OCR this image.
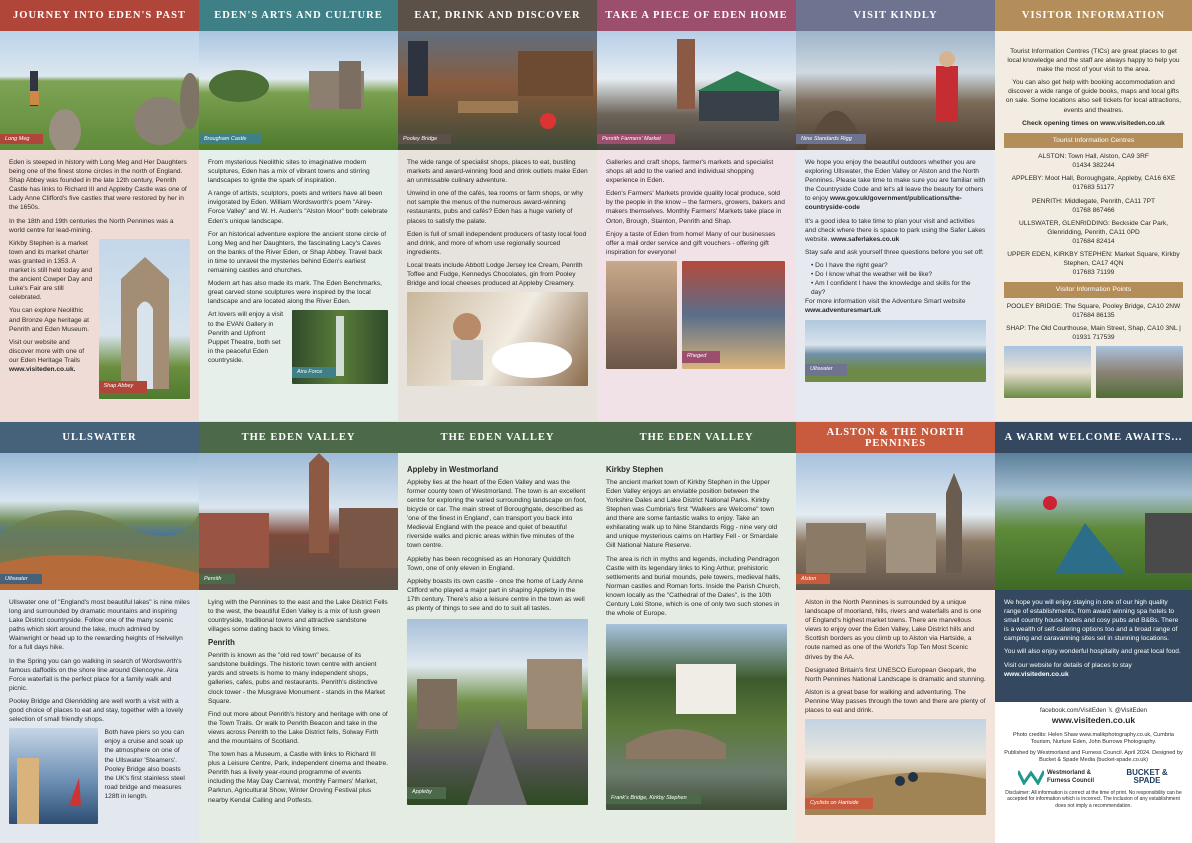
JOURNEY INTO EDEN'S PAST
Long Meg

Eden is steeped in history with Long Meg and Her Daughters being one of the finest stone circles in the north of England. Shap Abbey was founded in the late 12th century, Penrith Castle has links to Richard III and Appleby Castle was one of Lady Anne Clifford's five castles that were restored by her in the 1650s.

In the 18th and 19th centuries the North Pennines was a world centre for lead-mining.

Kirkby Stephen is a market town and its market charter was granted in 1353. A market is still held today and the ancient Cowper Day and Luke's Fair are still celebrated.

You can explore Neolithic and Bronze Age heritage at Penrith and Eden Museum.

Visit our website and discover more with one of our Eden Heritage Trails www.visiteden.co.uk.

Shap Abbey
EDEN'S ARTS AND CULTURE
Brougham Castle

From mysterious Neolithic sites to imaginative modern sculptures, Eden has a mix of vibrant towns and stirring landscapes to ignite the spark of inspiration.

A range of artists, sculptors, poets and writers have all been invigorated by Eden. William Wordsworth's poem "Airey-Force Valley" and W. H. Auden's "Alston Moor" both celebrate Eden's unique landscape.

For an historical adventure explore the ancient stone circle of Long Meg and her Daughters, the fascinating Lacy's Caves on the banks of the River Eden, or Shap Abbey. Travel back in time to unravel the mysteries behind Eden's earliest remaining castles and churches.

Modern art has also made its mark. The Eden Benchmarks, great carved stone sculptures were inspired by the local landscape and are located along the River Eden.

Art lovers will enjoy a visit to the EVAN Gallery in Penrith and Upfront Puppet Theatre, both set in the peaceful Eden countryside.

Aira Force
EAT, DRINK AND DISCOVER
Pooley Bridge

The wide range of specialist shops, places to eat, bustling markets and award-winning food and drink outlets make Eden an unmissable culinary adventure.

Unwind in one of the cafés, tea rooms or farm shops, or why not sample the menus of the numerous award-winning restaurants, pubs and cafés? Eden has a huge variety of places to satisfy the palate.

Eden is full of small independent producers of tasty local food and drink, and more of whom use regionally sourced ingredients.

Local treats include Abbott Lodge Jersey Ice Cream, Penrith Toffee and Fudge, Kennedys Chocolates, gin from Pooley Bridge and local cheeses produced at Appleby Creamery.

TAKE A PIECE OF EDEN HOME
Penrith Farmers' Market

Galleries and craft shops, farmer's markets and specialist shops all add to the varied and individual shopping experience in Eden.

Eden's Farmers' Markets provide quality local produce, sold by the people in the know – the farmers, growers, bakers and makers themselves. Monthly Farmers' Markets take place in Orton, Brough, Stainton, Penrith and Shap.

Enjoy a taste of Eden from home! Many of our businesses offer a mail order service and gift vouchers - offering gift inspiration for everyone!

Rheged
VISIT KINDLY
Nine Standards Rigg

We hope you enjoy the beautiful outdoors whether you are exploring Ullswater, the Eden Valley or Alston and the North Pennines. Please take time to make sure you are familiar with the Countryside Code and let's all leave the beauty for others to enjoy www.gov.uk/government/publications/the-countryside-code

It's a good idea to take time to plan your visit and activities and check where there is space to park using the Safer Lakes website. www.saferlakes.co.uk

Stay safe and ask yourself three questions before you set off:

• Do I have the right gear?
• Do I know what the weather will be like?
• Am I confident I have the knowledge and skills for the day?

For more information visit the Adventure Smart website www.adventuresmart.uk

Ullswater
VISITOR INFORMATION

Tourist Information Centres (TICs) are great places to get local knowledge and the staff are always happy to help you make the most of your visit to the area.

You can also get help with booking accommodation and discover a wide range of guide books, maps and local gifts on sale. Some locations also sell tickets for local attractions, events and theatres.

Check opening times on www.visiteden.co.uk

Tourist Information Centres

ALSTON: Town Hall, Alston, CA9 3RF
01434 382244

APPLEBY: Moot Hall, Boroughgate, Appleby, CA16 6XE
017683 51177

PENRITH: Middlegate, Penrith, CA11 7PT
01768 867466

ULLSWATER, GLENRIDDING: Beckside Car Park, Glenridding, Penrith, CA11 0PD
017684 82414

UPPER EDEN, KIRKBY STEPHEN: Market Square, Kirkby Stephen, CA17 4QN
017683 71199

Visitor Information Points

POOLEY BRIDGE: The Square, Pooley Bridge, CA10 2NW
017684 86135

SHAP: The Old Courthouse, Main Street, Shap, CA10 3NL | 01931 717539

ULLSWATER
Ullswater

Ullswater one of "England's most beautiful lakes" is nine miles long and surrounded by dramatic mountains and inspiring Lake District countryside. Follow one of the many scenic paths which skirt around the lake, much admired by Wainwright or head up to the rewarding heights of Helvellyn for a full days hike.

In the Spring you can go walking in search of Wordsworth's famous daffodils on the shore line around Glencoyne. Aira Force waterfall is the perfect place for a family walk and picnic.

Pooley Bridge and Glenridding are well worth a visit with a good choice of places to eat and stay, together with a lovely selection of small friendly shops.

Both have piers so you can enjoy a cruise and soak up the atmosphere on one of the Ullswater 'Steamers'. Pooley Bridge also boasts the UK's first stainless steel road bridge and measures 128ft in length.

THE EDEN VALLEY
Penrith

Lying with the Pennines to the east and the Lake District Fells to the west, the beautiful Eden Valley is a mix of lush green countryside, traditional towns and attractive sandstone villages some dating back to Viking times.

Penrith

Penrith is known as the "old red town" because of its sandstone buildings. The historic town centre with ancient yards and streets is home to many independent shops, galleries, cafes, pubs and restaurants. Penrith's distinctive clock tower - the Musgrave Monument - stands in the Market Square.

Find out more about Penrith's history and heritage with one of the Town Trails. Or walk to Penrith Beacon and take in the views across Penrith to the Lake District fells, Solway Firth and the mountains of Scotland.

The town has a Museum, a Castle with links to Richard III plus a Leisure Centre, Park, independent cinema and theatre. Penrith has a lively year-round programme of events including the May Day Carnival, monthly Farmers' Market, Parkrun, Agricultural Show, Winter Droving Festival plus nearby Kendal Calling and Potfests.

THE EDEN VALLEY
Appleby in Westmorland

Appleby lies at the heart of the Eden Valley and was the former county town of Westmorland. The town is an excellent centre for exploring the varied surrounding landscape on foot, bicycle or car. The main street of Boroughgate, described as 'one of the finest in England', can transport you back into Medieval England with the peace and quiet of beautiful riverside walks and picnic areas within five minutes of the town centre.

Appleby has been recognised as an Honorary Quidditch Town, one of only eleven in England.

Appleby boasts its own castle - once the home of Lady Anne Clifford who played a major part in shaping Appleby in the 17th century. There's also a leisure centre in the town as well as plenty of things to see and do to suit all tastes.

Appleby
THE EDEN VALLEY
Kirkby Stephen

The ancient market town of Kirkby Stephen in the Upper Eden Valley enjoys an enviable position between the Yorkshire Dales and Lake District National Parks. Kirkby Stephen was Cumbria's first "Walkers are Welcome" town and there are some fantastic walks to enjoy. Take an exhilarating walk up to Nine Standards Rigg - nine very old and unique mysterious cairns on Hartley Fell - or Smardale Gill National Nature Reserve.

The area is rich in myths and legends, including Pendragon Castle with its legendary links to King Arthur, prehistoric settlements and burial mounds, pele towers, medieval halls, Norman castles and Roman forts. Inside the Parish Church, known locally as the "Cathedral of the Dales", is the 10th Century Loki Stone, which is one of only two such stones in the whole of Europe.

Frank's Bridge, Kirkby Stephen
ALSTON & THE NORTH PENNINES
Alston

Alston in the North Pennines is surrounded by a unique landscape of moorland, hills, rivers and waterfalls and is one of England's highest market towns. There are marvellous views to enjoy over the Eden Valley, Lake District hills and Scottish borders as you climb up to Alston via Hartside, a route named as one of the World's Top Ten Most Scenic drives by the AA.

Designated Britain's first UNESCO European Geopark, the North Pennines National Landscape is dramatic and stunning.

Alston is a great base for walking and adventuring. The Pennine Way passes through the town and there are plenty of places to eat and drink.

Cyclists on Hartside
A WARM WELCOME AWAITS...

We hope you will enjoy staying in one of our high quality range of establishments, from award winning spa hotels to small country house hotels and cosy pubs and B&Bs. There is a wealth of self-catering options too and a broad range of camping and caravanning sites set in stunning locations.

You will also enjoy wonderful hospitality and great local food.

Visit our website for details of places to stay
www.visiteden.co.uk

facebook.com/VisitEden 𝕏 @VisitEden
www.visiteden.co.uk

Photo credits: Helen Shaw www.malikphotography.co.uk, Cumbria Tourism, Nurture Eden, John Burrows Photography.

Published by Westmorland and Furness Council. April 2024. Designed by Bucket & Spade Media (bucket-spade.co.uk)

Westmorland & Furness Council
BUCKET & SPADE

Disclaimer: All information is correct at the time of print. No responsibility can be accepted for information which is incorrect. The inclusion of any establishment does not imply a recommendation.
